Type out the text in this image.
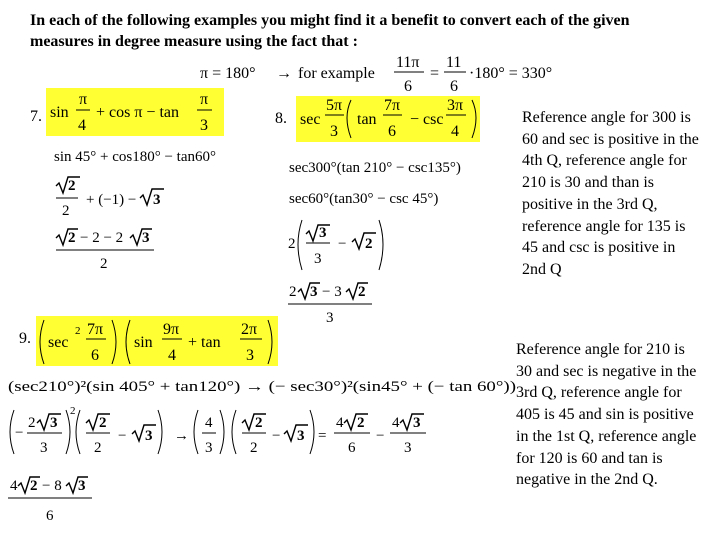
In each of the following examples you might find it a benefit to convert each of the given measures in degree measure using the fact that :
π = 180° → for example
11π
6
=
11
6
·180° = 330°
7. sin
π
4
+ cos π − tan
π
3
sin 45° + cos180° − tan60°
2
2
+ (−1) − 3
2 − 2 − 2 3
2
8. sec
5π
3
tan
7π
6
− csc
3π
4
sec300°(tan 210° − csc135°)
sec60°(tan30° − csc 45°)
2
3
3
− 2
2 3 − 3 2
3
9. sec
2 7π
6
sin
9π
4
+ tan
2π
3
(sec210°)²(sin 405° + tan120°) → (− sec30°)²(sin45° + (− tan 60°))
−
2 3
3
2
2
2
− 3 →
4
3
2
2
− 3 =
4 2
6
−
4 3
3
4 2 − 8 3
6
Reference angle for 300 is 60 and sec is positive in the 4th Q, reference angle for 210 is 30 and than is positive in the 3rd Q, reference angle for 135 is 45 and csc is positive in 2nd Q
Reference angle for 210 is 30 and sec is negative in the 3rd Q, reference angle for 405 is 45 and sin is positive in the 1st Q, reference angle for 120 is 60 and tan is negative in the 2nd Q.
